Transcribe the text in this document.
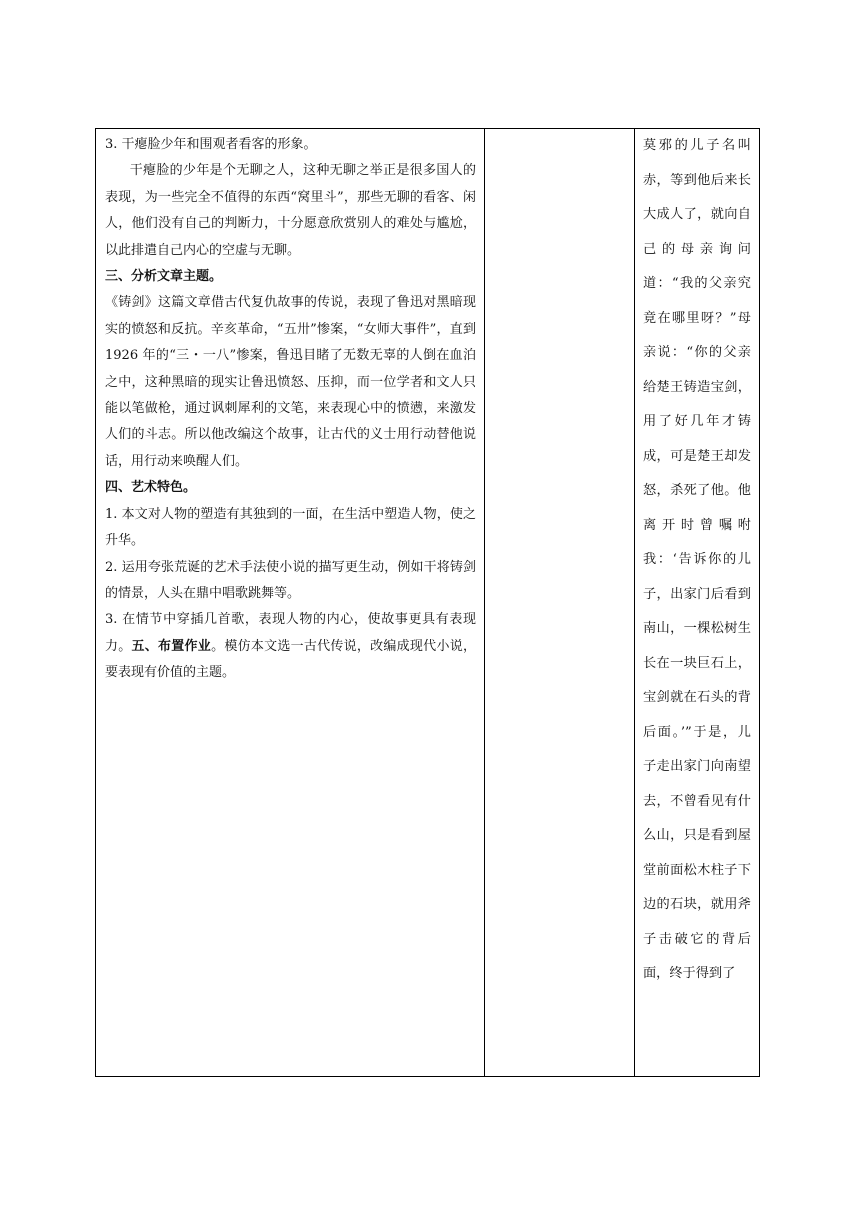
3. 干瘪脸少年和围观者看客的形象。

干瘪脸的少年是个无聊之人，这种无聊之举正是很多国人的表现，为一些完全不值得的东西“窝里斗”，那些无聊的看客、闲人，他们没有自己的判断力，十分愿意欣赏别人的难处与尴尬，以此排遣自己内心的空虚与无聊。

三、分析文章主题。

《铸剑》这篇文章借古代复仇故事的传说，表现了鲁迅对黑暗现实的愤怒和反抗。辛亥革命，“五卅”惨案，“女师大事件”，直到 1926 年的“三・一八”惨案，鲁迅目睹了无数无辜的人倒在血泊之中，这种黑暗的现实让鲁迅愤怒、压抑，而一位学者和文人只能以笔做枪，通过讽刺犀利的文笔，来表现心中的愤懑，来激发人们的斗志。所以他改编这个故事，让古代的义士用行动替他说话，用行动来唤醒人们。

四、艺术特色。

1. 本文对人物的塑造有其独到的一面，在生活中塑造人物，使之升华。

2. 运用夸张荒诞的艺术手法使小说的描写更生动，例如干将铸剑的情景，人头在鼎中唱歌跳舞等。

3. 在情节中穿插几首歌，表现人物的内心，使故事更具有表现力。五、布置作业。模仿本文选一古代传说，改编成现代小说，要表现有价值的主题。

莫邪的儿子名叫赤，等到他后来长大成人了，就向自己的母亲询问道：“我的父亲究竟在哪里呀？”母亲说：“你的父亲给楚王铸造宝剑，用了好几年才铸成，可是楚王却发怒，杀死了他。他离开时曾嘱咐我：‘告诉你的儿子，出家门后看到南山，一棵松树生长在一块巨石上，宝剑就在石头的背后面。’”于是，儿子走出家门向南望去，不曾看见有什么山，只是看到屋堂前面松木柱子下边的石块，就用斧子击破它的背后面，终于得到了
